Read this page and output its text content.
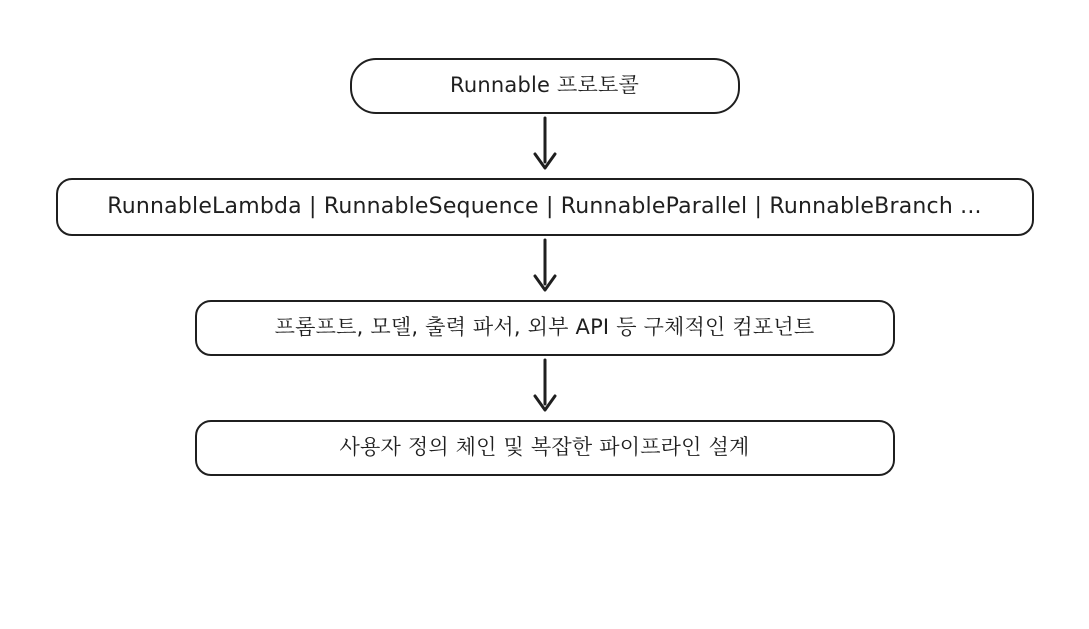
Runnable 프로토콜
RunnableLambda | RunnableSequence | RunnableParallel | RunnableBranch ...
프롬프트, 모델, 출력 파서, 외부 API 등 구체적인 컴포넌트
사용자 정의 체인 및 복잡한 파이프라인 설계
